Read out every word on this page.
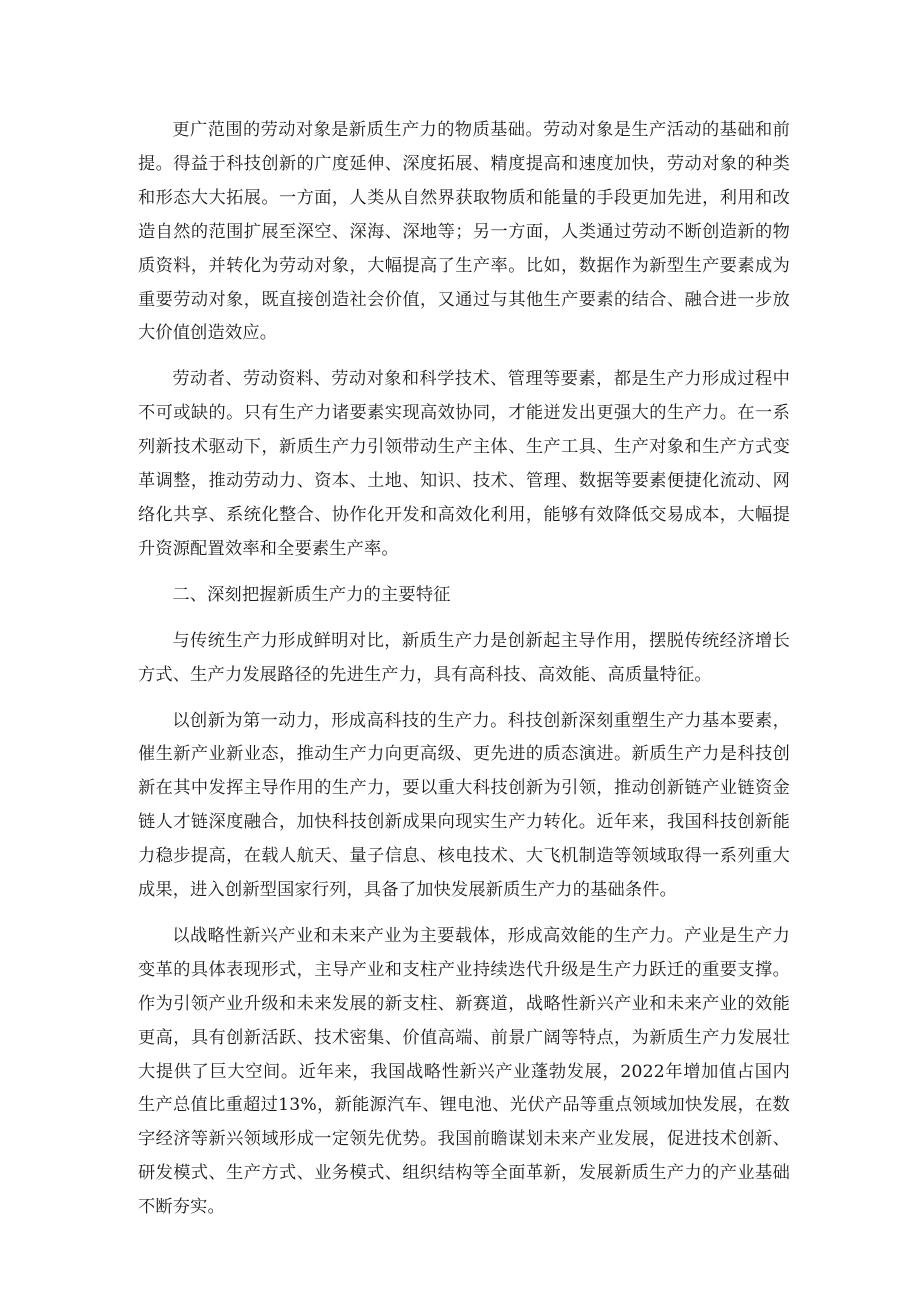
更广范围的劳动对象是新质生产力的物质基础。劳动对象是生产活动的基础和前提。得益于科技创新的广度延伸、深度拓展、精度提高和速度加快，劳动对象的种类和形态大大拓展。一方面，人类从自然界获取物质和能量的手段更加先进，利用和改造自然的范围扩展至深空、深海、深地等；另一方面，人类通过劳动不断创造新的物质资料，并转化为劳动对象，大幅提高了生产率。比如，数据作为新型生产要素成为重要劳动对象，既直接创造社会价值，又通过与其他生产要素的结合、融合进一步放大价值创造效应。

劳动者、劳动资料、劳动对象和科学技术、管理等要素，都是生产力形成过程中不可或缺的。只有生产力诸要素实现高效协同，才能迸发出更强大的生产力。在一系列新技术驱动下，新质生产力引领带动生产主体、生产工具、生产对象和生产方式变革调整，推动劳动力、资本、土地、知识、技术、管理、数据等要素便捷化流动、网络化共享、系统化整合、协作化开发和高效化利用，能够有效降低交易成本，大幅提升资源配置效率和全要素生产率。

二、深刻把握新质生产力的主要特征

与传统生产力形成鲜明对比，新质生产力是创新起主导作用，摆脱传统经济增长方式、生产力发展路径的先进生产力，具有高科技、高效能、高质量特征。

以创新为第一动力，形成高科技的生产力。科技创新深刻重塑生产力基本要素，催生新产业新业态，推动生产力向更高级、更先进的质态演进。新质生产力是科技创新在其中发挥主导作用的生产力，要以重大科技创新为引领，推动创新链产业链资金链人才链深度融合，加快科技创新成果向现实生产力转化。近年来，我国科技创新能力稳步提高，在载人航天、量子信息、核电技术、大飞机制造等领域取得一系列重大成果，进入创新型国家行列，具备了加快发展新质生产力的基础条件。

以战略性新兴产业和未来产业为主要载体，形成高效能的生产力。产业是生产力变革的具体表现形式，主导产业和支柱产业持续迭代升级是生产力跃迁的重要支撑。作为引领产业升级和未来发展的新支柱、新赛道，战略性新兴产业和未来产业的效能更高，具有创新活跃、技术密集、价值高端、前景广阔等特点，为新质生产力发展壮大提供了巨大空间。近年来，我国战略性新兴产业蓬勃发展，2022年增加值占国内生产总值比重超过13%，新能源汽车、锂电池、光伏产品等重点领域加快发展，在数字经济等新兴领域形成一定领先优势。我国前瞻谋划未来产业发展，促进技术创新、研发模式、生产方式、业务模式、组织结构等全面革新，发展新质生产力的产业基础不断夯实。
